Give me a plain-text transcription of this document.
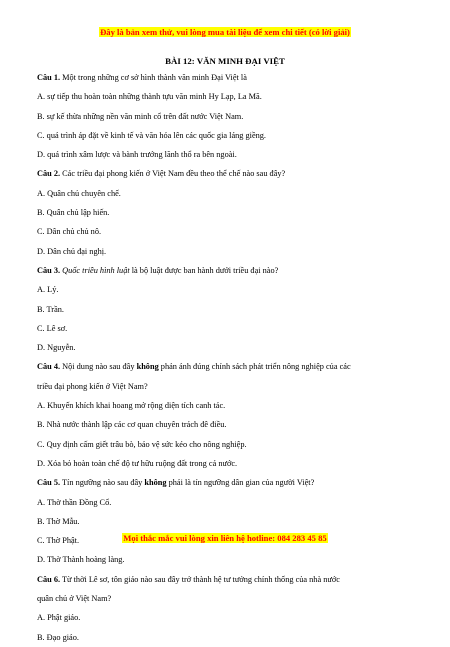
Đây là bản xem thử, vui lòng mua tài liệu để xem chi tiết (có lời giải)
BÀI 12: VĂN MINH ĐẠI VIỆT
Câu 1. Một trong những cơ sở hình thành văn minh Đại Việt là
A. sự tiếp thu hoàn toàn những thành tựu văn minh Hy Lạp, La Mã.
B. sự kế thừa những nền văn minh cổ trên đất nước Việt Nam.
C. quá trình áp đặt về kinh tế và văn hóa lên các quốc gia láng giềng.
D. quá trình xâm lược và bành trướng lãnh thổ ra bên ngoài.
Câu 2. Các triều đại phong kiến ở Việt Nam đều theo thể chế nào sau đây?
A. Quân chủ chuyên chế.
B. Quân chủ lập hiến.
C. Dân chủ chủ nô.
D. Dân chủ đại nghị.
Câu 3. Quốc triều hình luật là bộ luật được ban hành dưới triều đại nào?
A. Lý.
B. Trần.
C. Lê sơ.
D. Nguyễn.
Câu 4. Nội dung nào sau đây không phản ánh đúng chính sách phát triển nông nghiệp của các
triều đại phong kiến ở Việt Nam?
A. Khuyến khích khai hoang mở rộng diện tích canh tác.
B. Nhà nước thành lập các cơ quan chuyên trách đê điều.
C. Quy định cấm giết trâu bò, bảo vệ sức kéo cho nông nghiệp.
D. Xóa bỏ hoàn toàn chế độ tư hữu ruộng đất trong cả nước.
Câu 5. Tín ngưỡng nào sau đây không phải là tín ngưỡng dân gian của người Việt?
A. Thờ thần Đồng Cổ.
B. Thờ Mẫu.
C. Thờ Phật.
D. Thờ Thành hoàng làng.
Câu 6. Từ thời Lê sơ, tôn giáo nào sau đây trở thành hệ tư tưởng chính thống của nhà nước
quân chủ ở Việt Nam?
A. Phật giáo.
B. Đạo giáo.
Mọi thắc mắc vui lòng xin liên hệ hotline: 084 283 45 85
